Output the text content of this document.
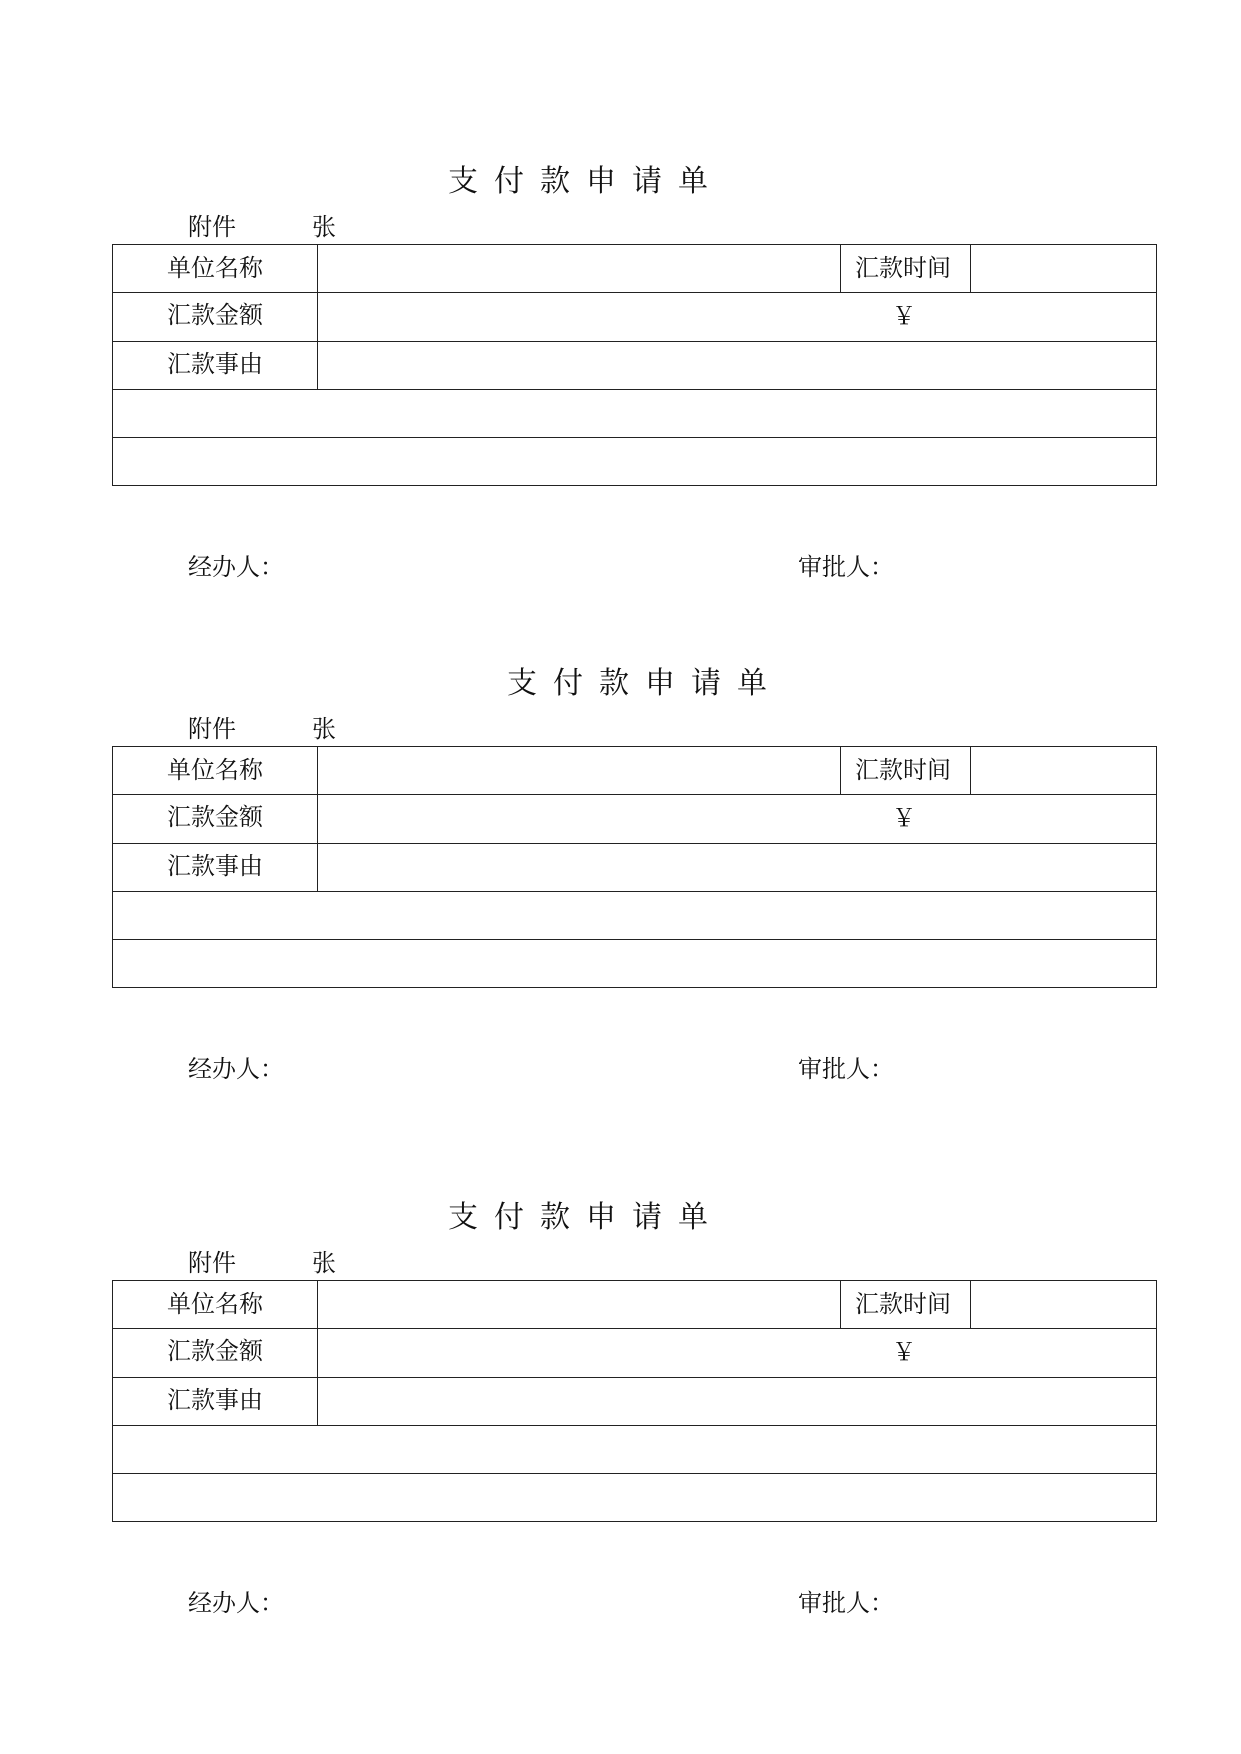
支付款申请单
附件	张
单位名称	汇款时间
汇款金额	￥
汇款事由
经办人：	审批人：
支付款申请单
附件	张
单位名称	汇款时间
汇款金额	￥
汇款事由
经办人：	审批人：
支付款申请单
附件	张
单位名称	汇款时间
汇款金额	￥
汇款事由
经办人：	审批人：
